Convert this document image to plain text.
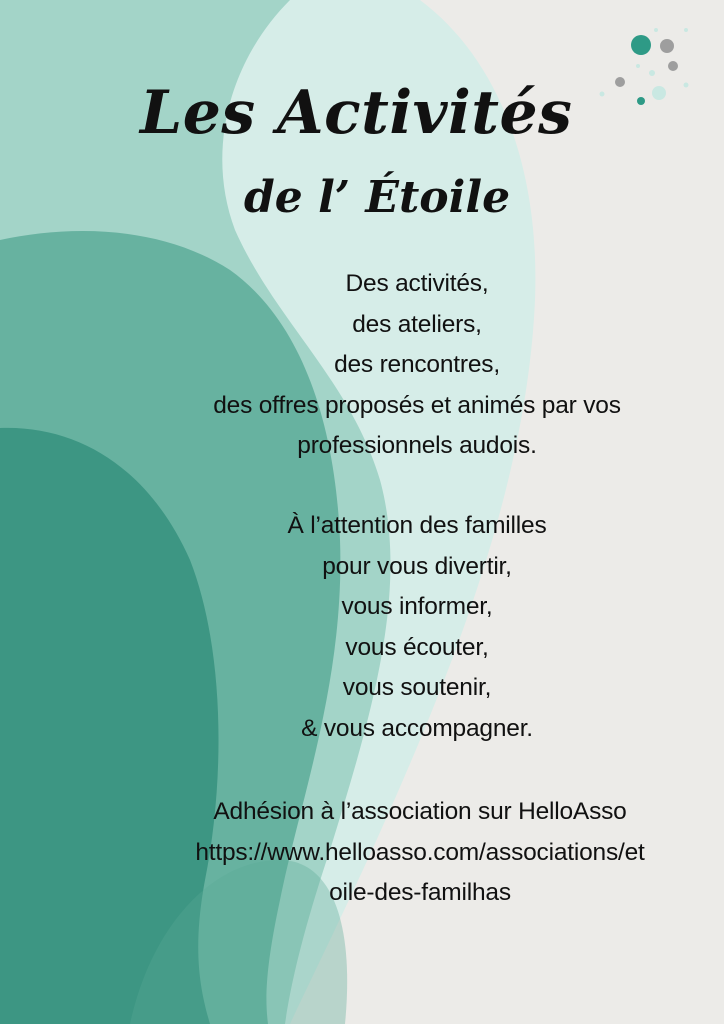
Les Activités
de l’ Étoile
Des activités,
des ateliers,
des rencontres,
des offres proposés et animés par vos
professionnels audois.
À l’attention des familles
pour vous divertir,
vous informer,
vous écouter,
vous soutenir,
& vous accompagner.
Adhésion à l’association sur HelloAsso
https://www.helloasso.com/associations/et
oile-des-familhas
